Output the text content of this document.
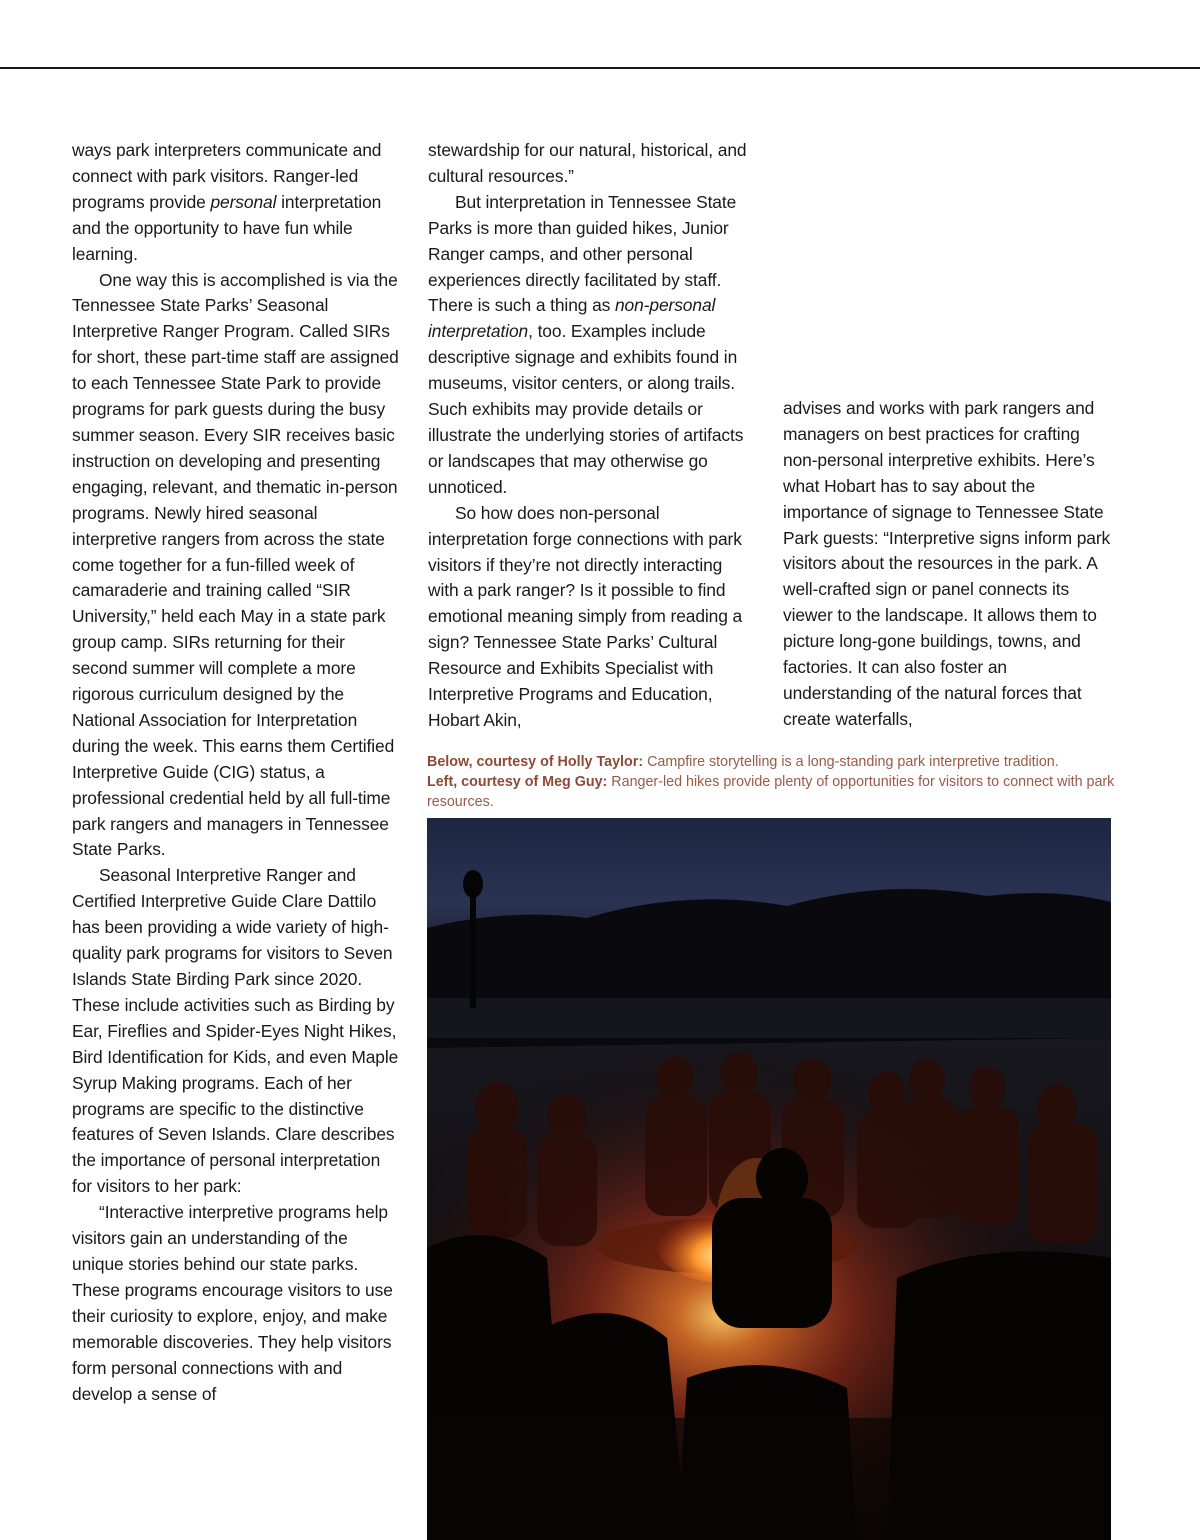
ways park interpreters communicate and connect with park visitors. Ranger-led programs provide personal interpretation and the opportunity to have fun while learning.

One way this is accomplished is via the Tennessee State Parks’ Seasonal Interpretive Ranger Program. Called SIRs for short, these part-time staff are assigned to each Tennessee State Park to provide programs for park guests during the busy summer season. Every SIR receives basic instruction on developing and presenting engaging, relevant, and thematic in-person programs. Newly hired seasonal interpretive rangers from across the state come together for a fun-filled week of camaraderie and training called “SIR University,” held each May in a state park group camp. SIRs returning for their second summer will complete a more rigorous curriculum designed by the National Association for Interpretation during the week. This earns them Certified Interpretive Guide (CIG) status, a professional credential held by all full-time park rangers and managers in Tennessee State Parks.

Seasonal Interpretive Ranger and Certified Interpretive Guide Clare Dattilo has been providing a wide variety of high-quality park programs for visitors to Seven Islands State Birding Park since 2020. These include activities such as Birding by Ear, Fireflies and Spider-Eyes Night Hikes, Bird Identification for Kids, and even Maple Syrup Making programs. Each of her programs are specific to the distinctive features of Seven Islands. Clare describes the importance of personal interpretation for visitors to her park:

“Interactive interpretive programs help visitors gain an understanding of the unique stories behind our state parks. These programs encourage visitors to use their curiosity to explore, enjoy, and make memorable discoveries. They help visitors form personal connections with and develop a sense of

stewardship for our natural, historical, and cultural resources.”

But interpretation in Tennessee State Parks is more than guided hikes, Junior Ranger camps, and other personal experiences directly facilitated by staff. There is such a thing as non-personal interpretation, too. Examples include descriptive signage and exhibits found in museums, visitor centers, or along trails. Such exhibits may provide details or illustrate the underlying stories of artifacts or landscapes that may otherwise go unnoticed.

So how does non-personal interpretation forge connections with park visitors if they’re not directly interacting with a park ranger? Is it possible to find emotional meaning simply from reading a sign? Tennessee State Parks’ Cultural Resource and Exhibits Specialist with Interpretive Programs and Education, Hobart Akin,

advises and works with park rangers and managers on best practices for crafting non-personal interpretive exhibits. Here’s what Hobart has to say about the importance of signage to Tennessee State Park guests: “Interpretive signs inform park visitors about the resources in the park. A well-crafted sign or panel connects its viewer to the landscape. It allows them to picture long-gone buildings, towns, and factories. It can also foster an understanding of the natural forces that create waterfalls,

Below, courtesy of Holly Taylor: Campfire storytelling is a long-standing park interpretive tradition.

Left, courtesy of Meg Guy: Ranger-led hikes provide plenty of opportunities for visitors to connect with park resources.
